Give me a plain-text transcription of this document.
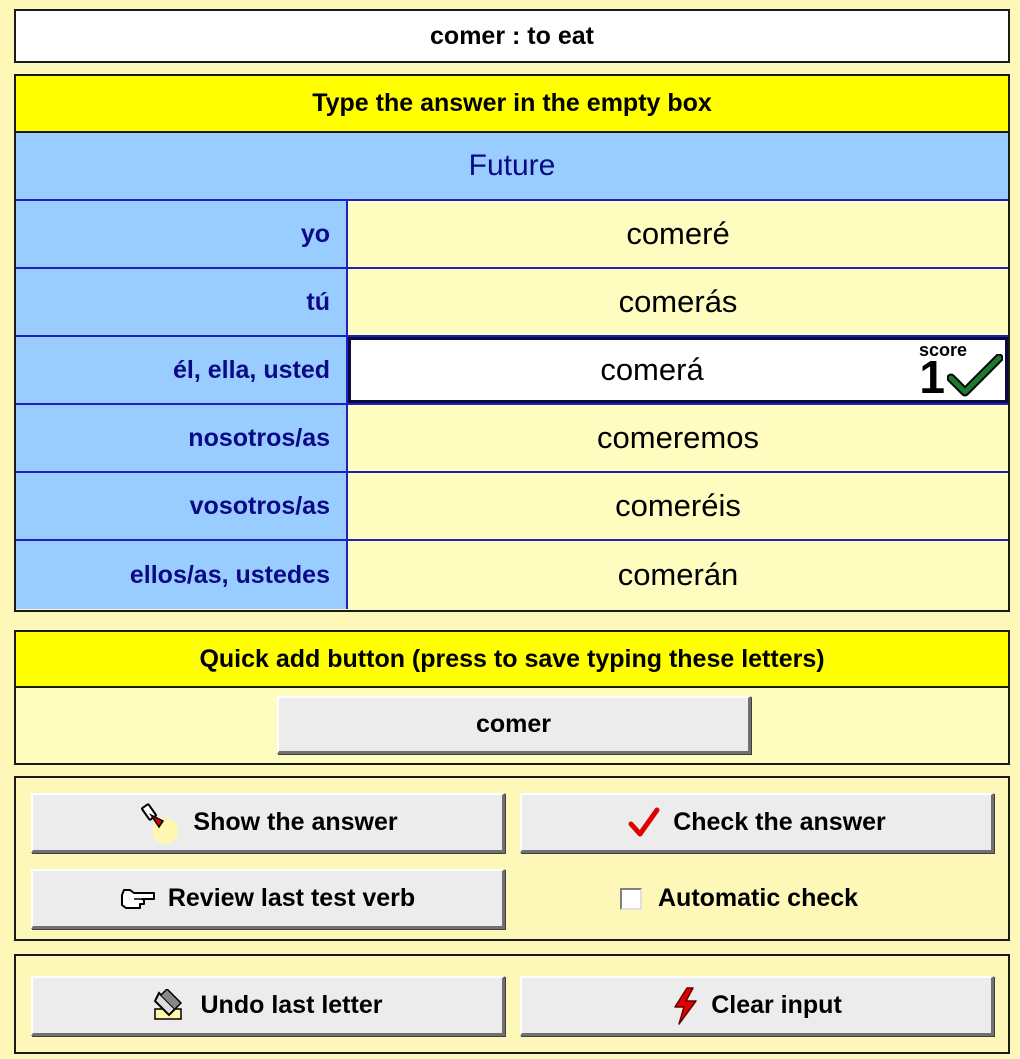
comer : to eat
Type the answer in the empty box
Future
yo	comeré
tú	comerás
él, ella, usted	comerá
score
1
nosotros/as	comeremos
vosotros/as	comeréis
ellos/as, ustedes	comerán
Quick add button (press to save typing these letters)
comer
Show the answer	Check the answer
Review last test verb	Automatic check
Undo last letter	Clear input
